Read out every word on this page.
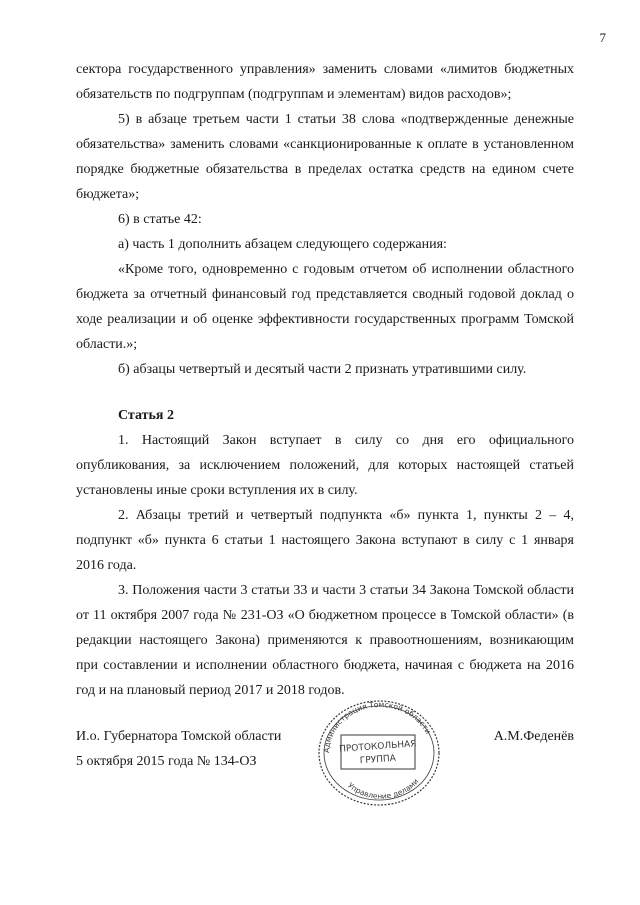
7

сектора государственного управления» заменить словами «лимитов бюджетных обязательств по подгруппам (подгруппам и элементам) видов расходов»;

5) в абзаце третьем части 1 статьи 38 слова «подтвержденные денежные обязательства» заменить словами «санкционированные к оплате в установленном порядке бюджетные обязательства в пределах остатка средств на едином счете бюджета»;

6) в статье 42:

а) часть 1 дополнить абзацем следующего содержания:

«Кроме того, одновременно с годовым отчетом об исполнении областного бюджета за отчетный финансовый год представляется сводный годовой доклад о ходе реализации и об оценке эффективности государственных программ Томской области.»;

б) абзацы четвертый и десятый части 2 признать утратившими силу.

Статья 2

1. Настоящий Закон вступает в силу со дня его официального опубликования, за исключением положений, для которых настоящей статьей установлены иные сроки вступления их в силу.

2. Абзацы третий и четвертый подпункта «б» пункта 1, пункты 2 – 4, подпункт «б» пункта 6 статьи 1 настоящего Закона вступают в силу с 1 января 2016 года.

3. Положения части 3 статьи 33 и части 3 статьи 34 Закона Томской области от 11 октября 2007 года № 231-ОЗ «О бюджетном процессе в Томской области» (в редакции настоящего Закона) применяются к правоотношениям, возникающим при составлении и исполнении областного бюджета, начиная с бюджета на 2016 год и на плановый период 2017 и 2018 годов.

И.о. Губернатора Томской области
5 октября 2015 года № 134-ОЗ
А.М.Феденёв
Администрация Томской области
Управление делами
ПРОТОКОЛЬНАЯ
ГРУППА
